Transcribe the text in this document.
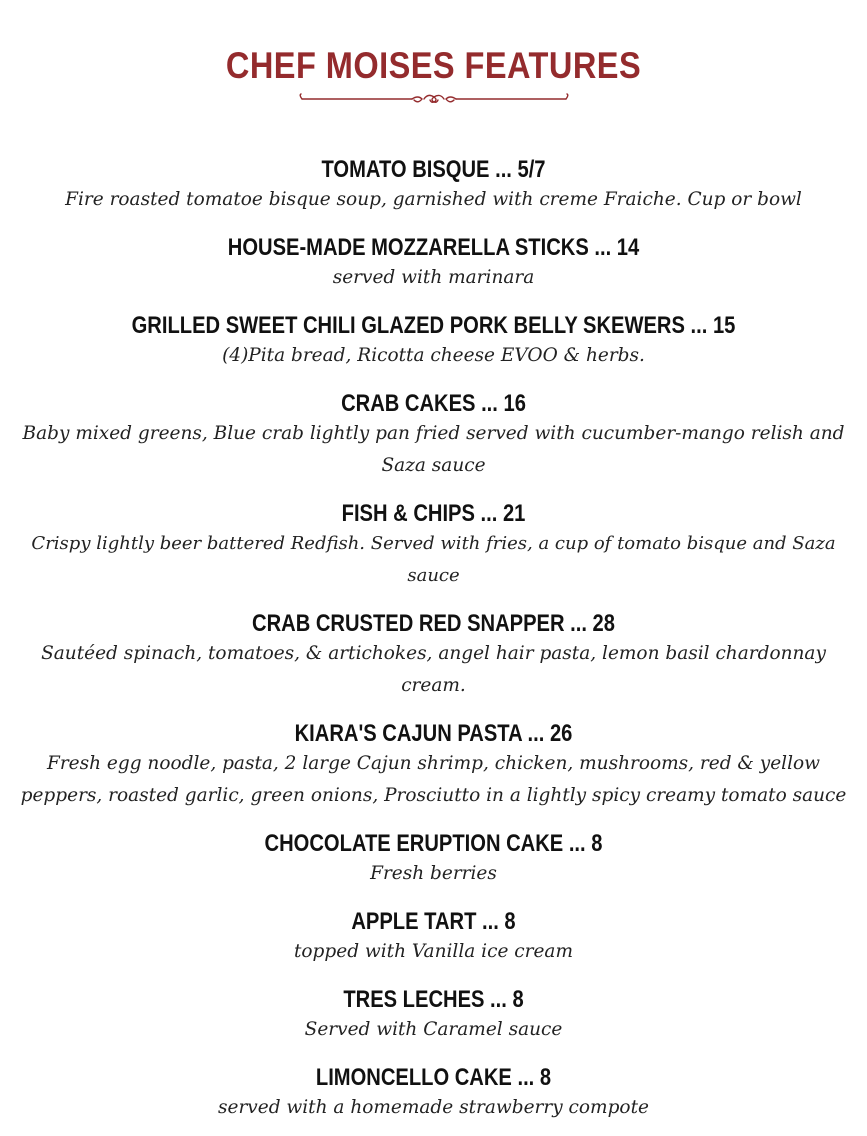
CHEF MOISES FEATURES
TOMATO BISQUE ... 5/7
Fire roasted tomatoe bisque soup, garnished with creme Fraiche. Cup or bowl
HOUSE-MADE MOZZARELLA STICKS ... 14
served with marinara
GRILLED SWEET CHILI GLAZED PORK BELLY SKEWERS ... 15
(4)Pita bread, Ricotta cheese EVOO & herbs.
CRAB CAKES ... 16
Baby mixed greens, Blue crab lightly pan fried served with cucumber-mango relish and Saza sauce
FISH & CHIPS ... 21
Crispy lightly beer battered Redfish. Served with fries, a cup of tomato bisque and Saza sauce
CRAB CRUSTED RED SNAPPER ... 28
Sautéed spinach, tomatoes, & artichokes, angel hair pasta, lemon basil chardonnay cream.
KIARA'S CAJUN PASTA ... 26
Fresh egg noodle, pasta, 2 large Cajun shrimp, chicken, mushrooms, red & yellow peppers, roasted garlic, green onions, Prosciutto in a lightly spicy creamy tomato sauce
CHOCOLATE ERUPTION CAKE ... 8
Fresh berries
APPLE TART ... 8
topped with Vanilla ice cream
TRES LECHES ... 8
Served with Caramel sauce
LIMONCELLO CAKE ... 8
served with a homemade strawberry compote
